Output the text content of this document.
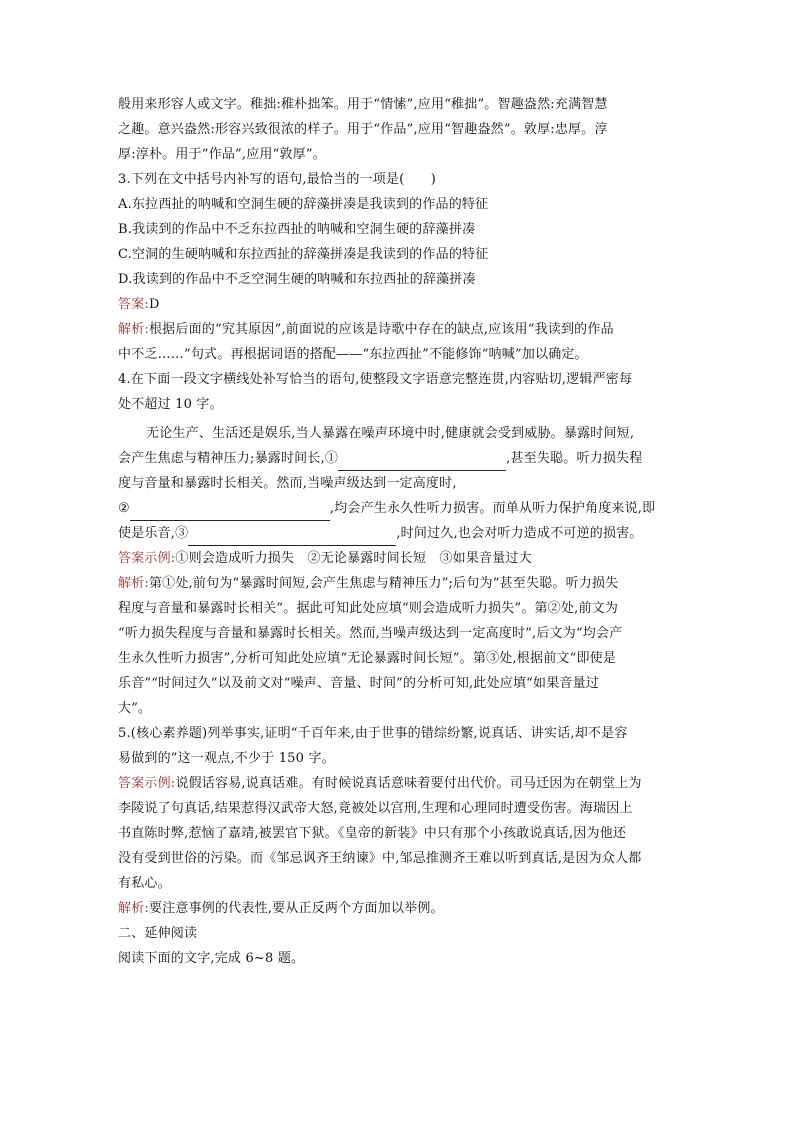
般用来形容人或文字。稚拙:稚朴拙笨。用于“情愫”,应用“稚拙”。智趣盎然:充满智慧
之趣。意兴盎然:形容兴致很浓的样子。用于“作品”,应用“智趣盎然”。敦厚:忠厚。淳
厚:淳朴。用于“作品”,应用“敦厚”。
3.下列在文中括号内补写的语句,最恰当的一项是(　　)
A.东拉西扯的呐喊和空洞生硬的辞藻拼凑是我读到的作品的特征
B.我读到的作品中不乏东拉西扯的呐喊和空洞生硬的辞藻拼凑
C.空洞的生硬呐喊和东拉西扯的辞藻拼凑是我读到的作品的特征
D.我读到的作品中不乏空洞生硬的呐喊和东拉西扯的辞藻拼凑
答案:D
解析:根据后面的“究其原因”,前面说的应该是诗歌中存在的缺点,应该用“我读到的作品
中不乏……”句式。再根据词语的搭配——“东拉西扯”不能修饰“呐喊”加以确定。
4.在下面一段文字横线处补写恰当的语句,使整段文字语意完整连贯,内容贴切,逻辑严密每
处不超过 10 字。
无论生产、生活还是娱乐,当人暴露在噪声环境中时,健康就会受到威胁。暴露时间短,
会产生焦虑与精神压力;暴露时间长,①	,甚至失聪。听力损失程
度与音量和暴露时长相关。然而,当噪声级达到一定高度时,
②	,均会产生永久性听力损害。而单从听力保护角度来说,即
使是乐音,③	,时间过久,也会对听力造成不可逆的损害。
答案示例:①则会造成听力损失　②无论暴露时间长短　③如果音量过大
解析:第①处,前句为“暴露时间短,会产生焦虑与精神压力”;后句为“甚至失聪。听力损失
程度与音量和暴露时长相关”。据此可知此处应填“则会造成听力损失”。第②处,前文为
“听力损失程度与音量和暴露时长相关。然而,当噪声级达到一定高度时”,后文为“均会产
生永久性听力损害”,分析可知此处应填“无论暴露时间长短”。第③处,根据前文“即使是
乐音”“时间过久”以及前文对“噪声、音量、时间”的分析可知,此处应填“如果音量过
大”。
5.(核心素养题)列举事实,证明“千百年来,由于世事的错综纷繁,说真话、讲实话,却不是容
易做到的”这一观点,不少于 150 字。
答案示例:说假话容易,说真话难。有时候说真话意味着要付出代价。司马迁因为在朝堂上为
李陵说了句真话,结果惹得汉武帝大怒,竟被处以宫刑,生理和心理同时遭受伤害。海瑞因上
书直陈时弊,惹恼了嘉靖,被罢官下狱。《皇帝的新装》中只有那个小孩敢说真话,因为他还
没有受到世俗的污染。而《邹忌讽齐王纳谏》中,邹忌推测齐王难以听到真话,是因为众人都
有私心。
解析:要注意事例的代表性,要从正反两个方面加以举例。
二、延伸阅读
阅读下面的文字,完成 6~8 题。
